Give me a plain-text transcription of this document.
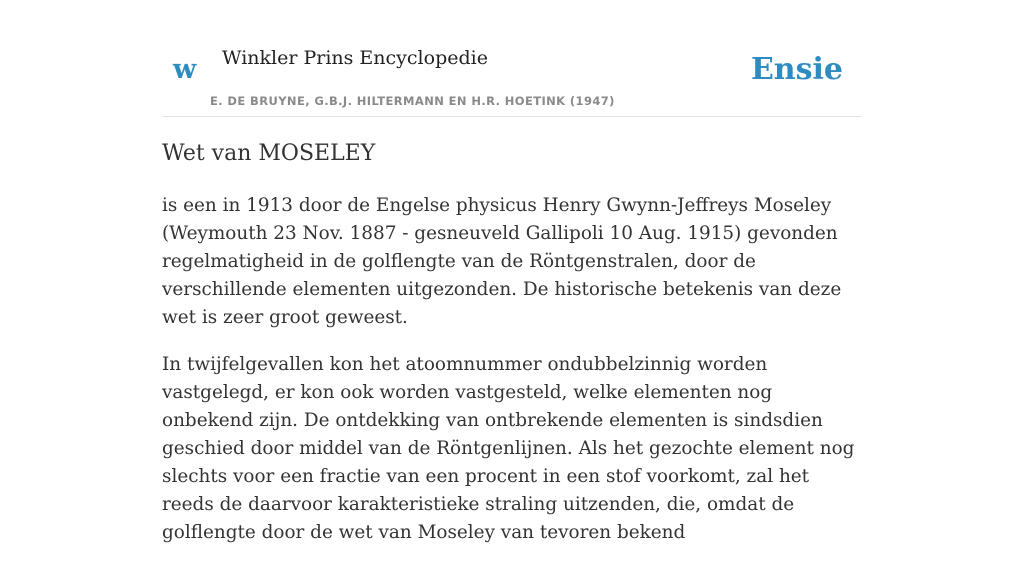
w Winkler Prins Encyclopedie
E. DE BRUYNE, G.B.J. HILTERMANN EN H.R. HOETINK (1947)
Ensie
Wet van MOSELEY

is een in 1913 door de Engelse physicus Henry Gwynn-Jeffreys Moseley (Weymouth 23 Nov. 1887 - gesneuveld Gallipoli 10 Aug. 1915) gevonden regelmatigheid in de golflengte van de Röntgenstralen, door de verschillende elementen uitgezonden. De historische betekenis van deze wet is zeer groot geweest.

In twijfelgevallen kon het atoomnummer ondubbelzinnig worden vastgelegd, er kon ook worden vastgesteld, welke elementen nog onbekend zijn. De ontdekking van ontbrekende elementen is sindsdien geschied door middel van de Röntgenlijnen. Als het gezochte element nog slechts voor een fractie van een procent in een stof voorkomt, zal het reeds de daarvoor karakteristieke straling uitzenden, die, omdat de golflengte door de wet van Moseley van tevoren bekend
